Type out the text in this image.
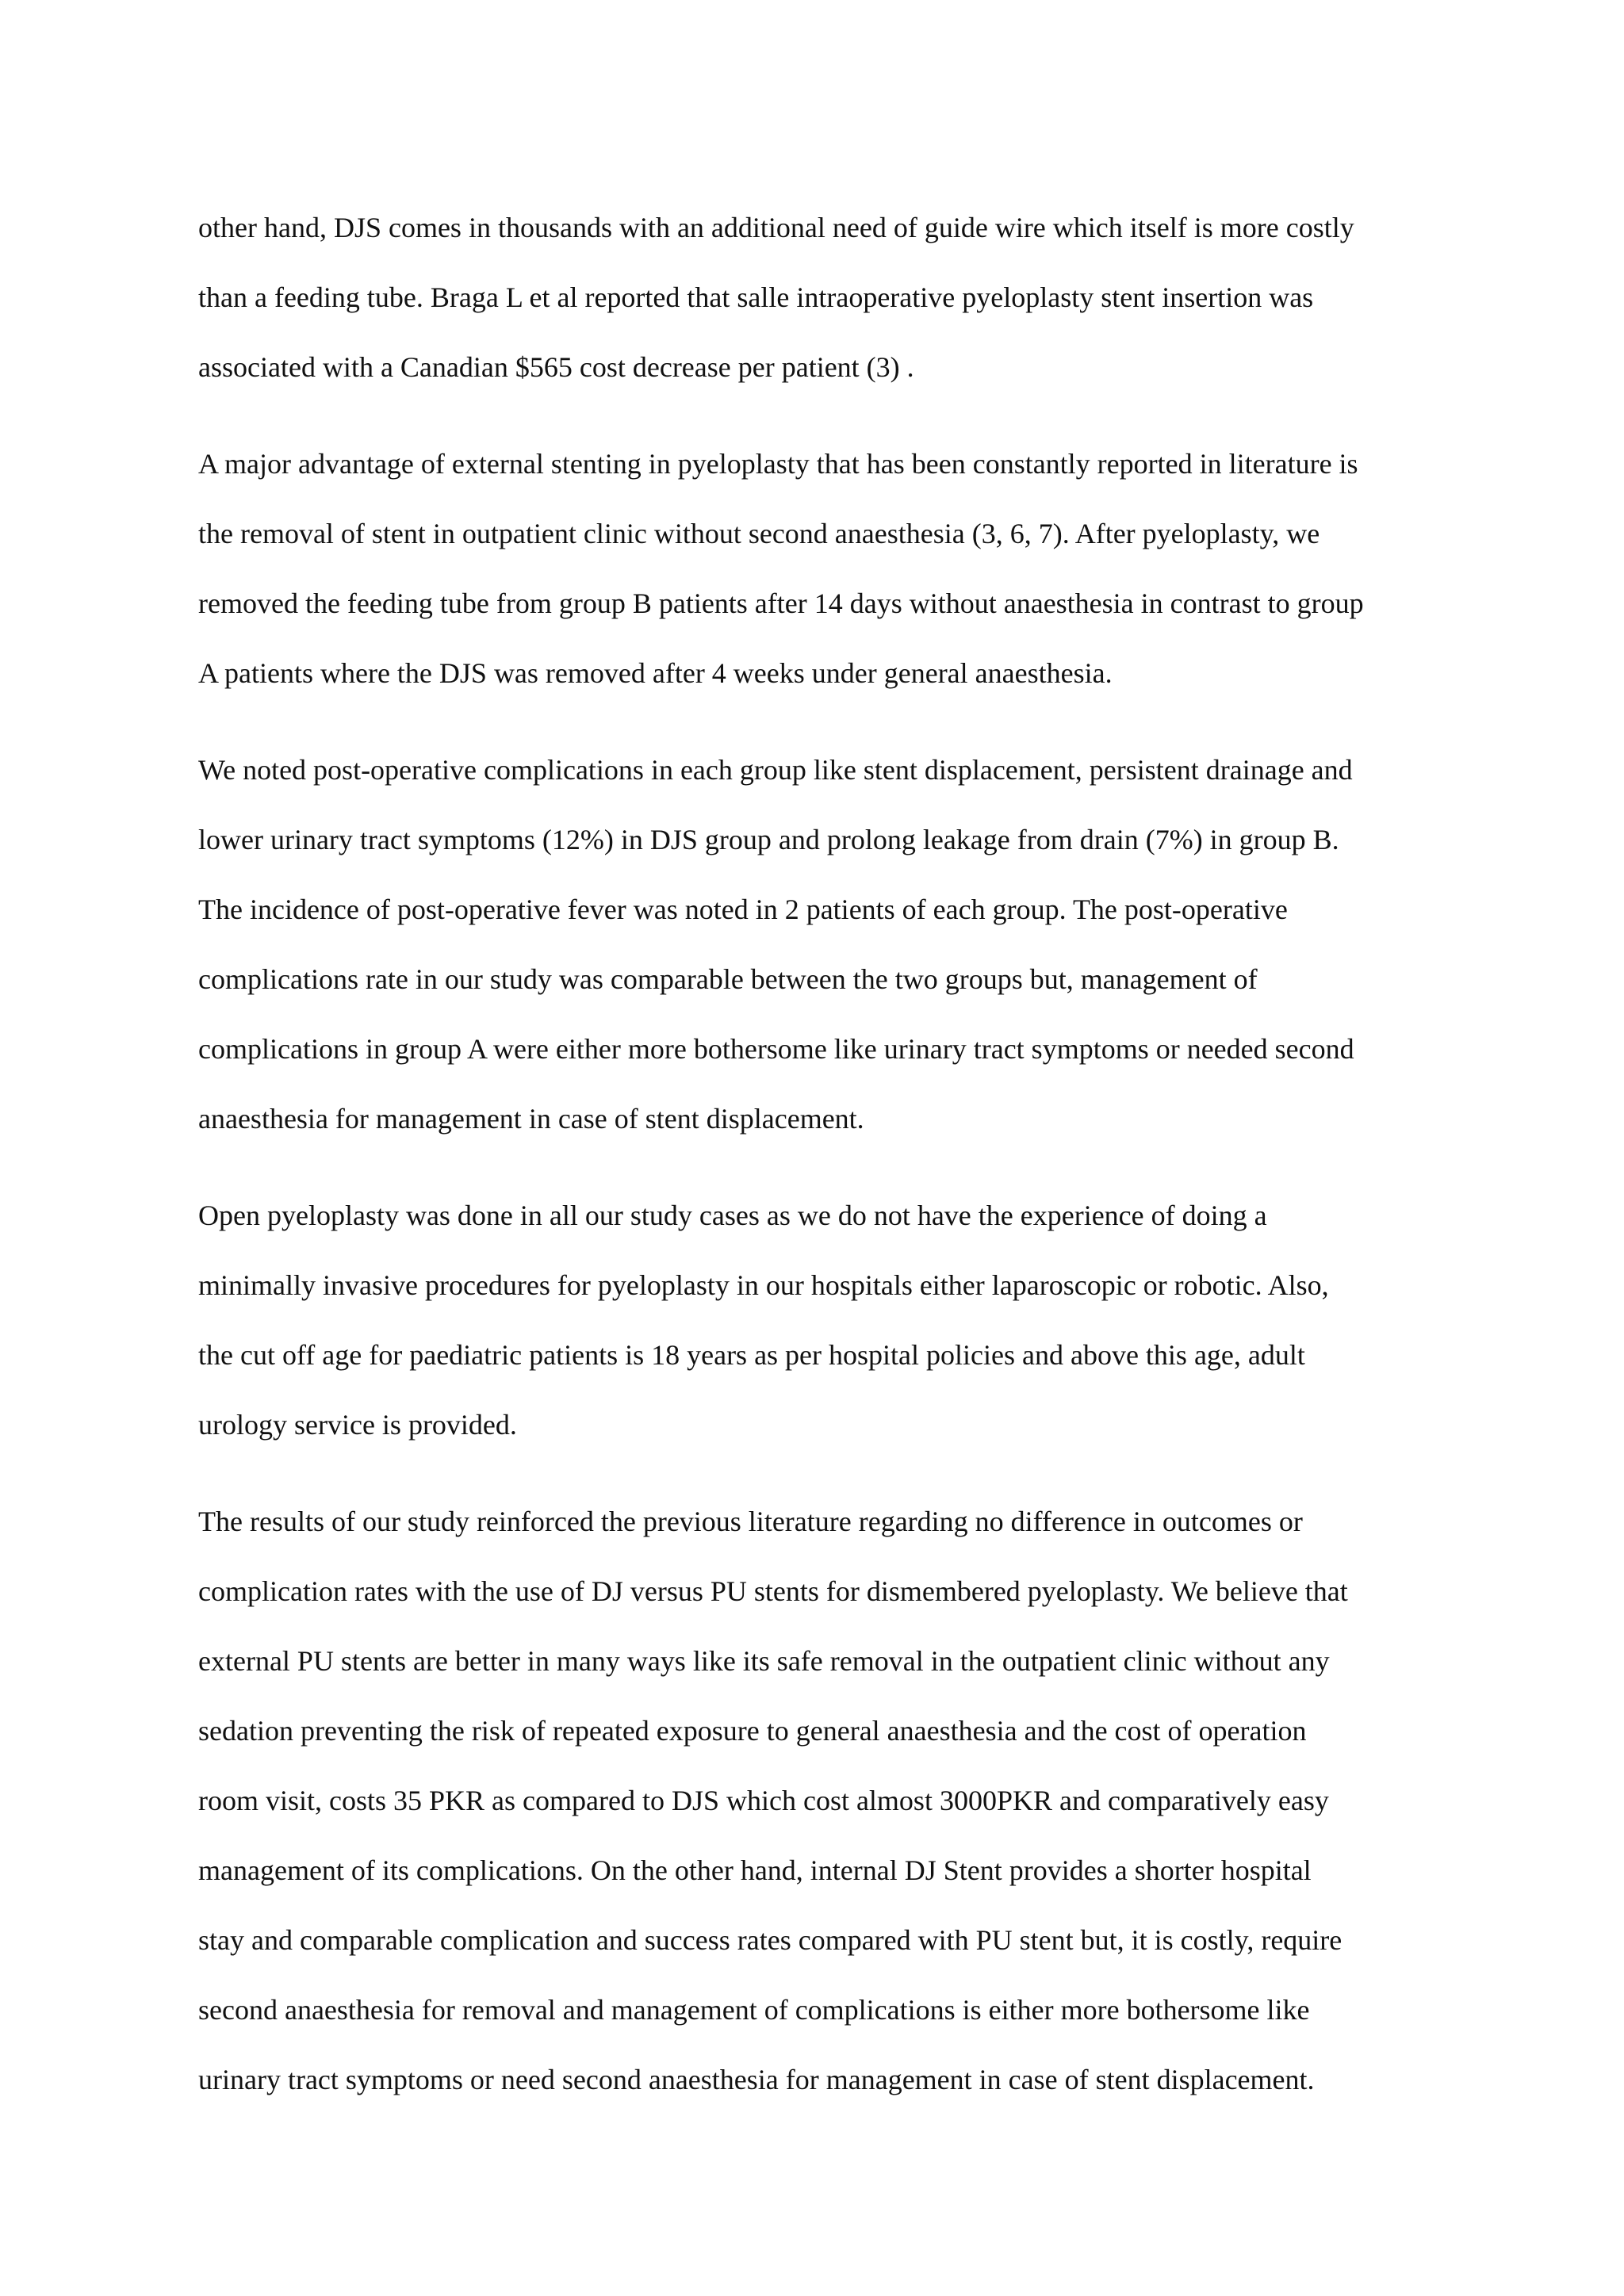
other hand, DJS comes in thousands with an additional need of guide wire which itself is more costly
than a feeding tube. Braga L et al reported that salle intraoperative pyeloplasty stent insertion was
associated with a Canadian $565 cost decrease per patient (3) .
A major advantage of external stenting in pyeloplasty that has been constantly reported in literature is
the removal of stent in outpatient clinic without second anaesthesia (3, 6, 7). After pyeloplasty, we
removed the feeding tube from group B patients after 14 days without anaesthesia in contrast to group
A patients where the DJS was removed after 4 weeks under general anaesthesia.
We noted post-operative complications in each group like stent displacement, persistent drainage and
lower urinary tract symptoms (12%) in DJS group and prolong leakage from drain (7%) in group B.
The incidence of post-operative fever was noted in 2 patients of each group. The post-operative
complications rate in our study was comparable between the two groups but, management of
complications in group A were either more bothersome like urinary tract symptoms or needed second
anaesthesia for management in case of stent displacement.
Open pyeloplasty was done in all our study cases as we do not have the experience of doing a
minimally invasive procedures for pyeloplasty in our hospitals either laparoscopic or robotic. Also,
the cut off age for paediatric patients is 18 years as per hospital policies and above this age, adult
urology service is provided.
The results of our study reinforced the previous literature regarding no difference in outcomes or
complication rates with the use of DJ versus PU stents for dismembered pyeloplasty. We believe that
external PU stents are better in many ways like its safe removal in the outpatient clinic without any
sedation preventing the risk of repeated exposure to general anaesthesia and the cost of operation
room visit, costs 35 PKR as compared to DJS which cost almost 3000PKR and comparatively easy
management of its complications. On the other hand, internal DJ Stent provides a shorter hospital
stay and comparable complication and success rates compared with PU stent but, it is costly, require
second anaesthesia for removal and management of complications is either more bothersome like
urinary tract symptoms or need second anaesthesia for management in case of stent displacement.
